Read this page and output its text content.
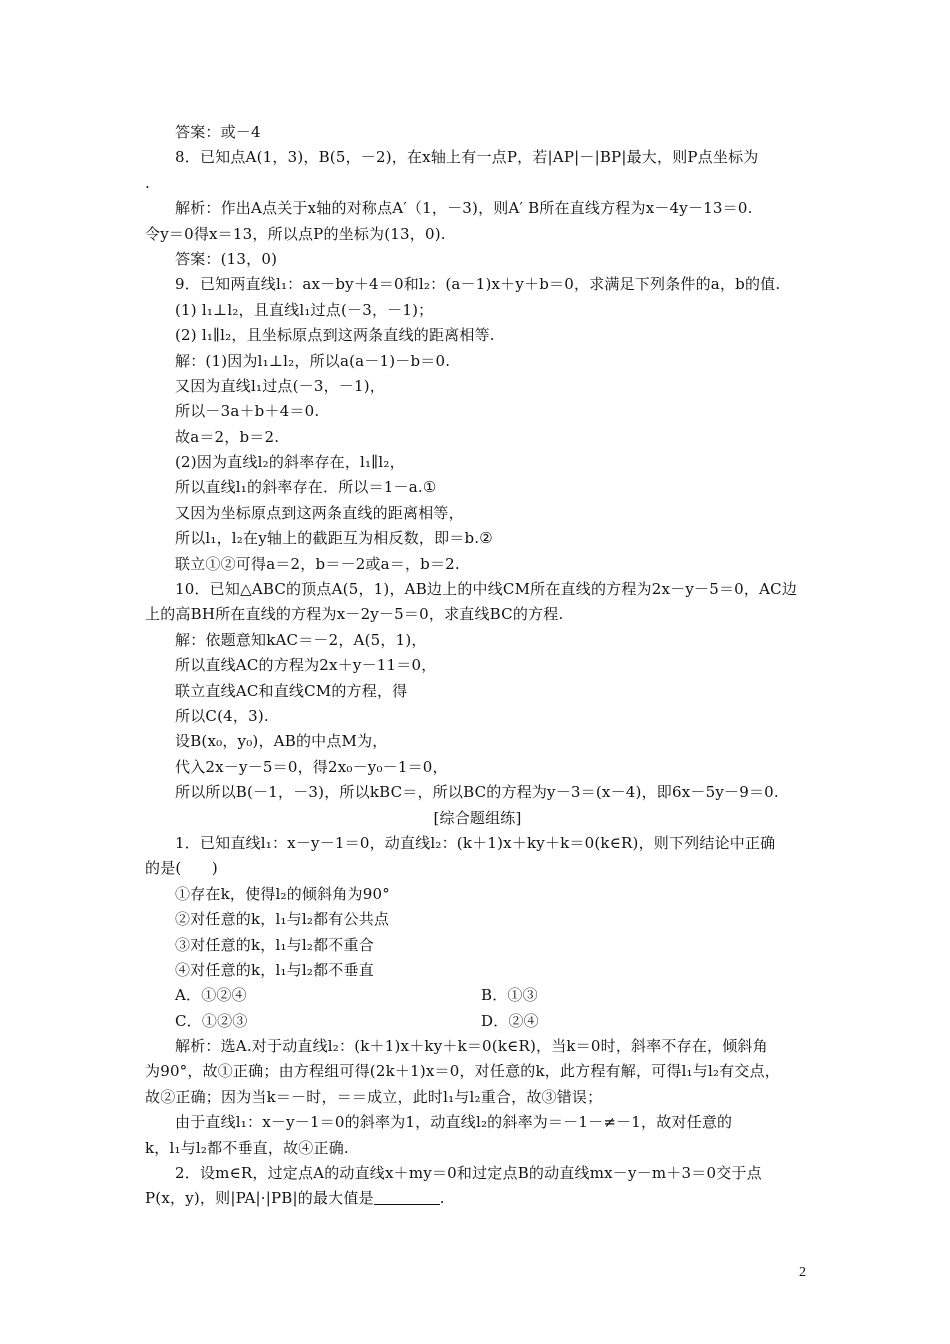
答案：或－4
8．已知点A(1，3)，B(5，－2)，在x轴上有一点P，若|AP|－|BP|最大，则P点坐标为
.
解析：作出A点关于x轴的对称点A′（1，－3)，则A′ B所在直线方程为x－4y－13＝0.
令y＝0得x＝13，所以点P的坐标为(13，0).
答案：(13，0)
9．已知两直线l₁：ax－by＋4＝0和l₂：(a－1)x＋y＋b＝0，求满足下列条件的a，b的值.
(1) l₁⊥l₂，且直线l₁过点(－3，－1)；
(2) l₁∥l₂，且坐标原点到这两条直线的距离相等.
解：(1)因为l₁⊥l₂，所以a(a－1)－b＝0.
又因为直线l₁过点(－3，－1)，
所以－3a＋b＋4＝0.
故a＝2，b＝2.
(2)因为直线l₂的斜率存在，l₁∥l₂，
所以直线l₁的斜率存在．所以＝1－a.①
又因为坐标原点到这两条直线的距离相等，
所以l₁，l₂在y轴上的截距互为相反数，即＝b.②
联立①②可得a＝2，b＝－2或a＝，b＝2.
10．已知△ABC的顶点A(5，1)，AB边上的中线CM所在直线的方程为2x－y－5＝0，AC边
上的高BH所在直线的方程为x－2y－5＝0，求直线BC的方程.
解：依题意知kAC＝－2，A(5，1)，
所以直线AC的方程为2x＋y－11＝0，
联立直线AC和直线CM的方程，得
所以C(4，3).
设B(x₀，y₀)，AB的中点M为，
代入2x－y－5＝0，得2x₀－y₀－1＝0，
所以所以B(－1，－3)，所以kBC＝，所以BC的方程为y－3＝(x－4)，即6x－5y－9＝0.
[综合题组练]
1．已知直线l₁：x－y－1＝0，动直线l₂：(k＋1)x＋ky＋k＝0(k∈R)，则下列结论中正确
的是(　　)
①存在k，使得l₂的倾斜角为90°
②对任意的k，l₁与l₂都有公共点
③对任意的k，l₁与l₂都不重合
④对任意的k，l₁与l₂都不垂直
A．①②④	B．①③
C．①②③	D．②④
解析：选A.对于动直线l₂：(k＋1)x＋ky＋k＝0(k∈R)，当k＝0时，斜率不存在，倾斜角
为90°，故①正确；由方程组可得(2k＋1)x＝0，对任意的k，此方程有解，可得l₁与l₂有交点，
故②正确；因为当k＝－时，＝＝成立，此时l₁与l₂重合，故③错误；
由于直线l₁：x－y－1＝0的斜率为1，动直线l₂的斜率为＝－1－≠－1，故对任意的
k，l₁与l₂都不垂直，故④正确.
2．设m∈R，过定点A的动直线x＋my＝0和过定点B的动直线mx－y－m＋3＝0交于点
P(x，y)，则|PA|·|PB|的最大值是	.
2
